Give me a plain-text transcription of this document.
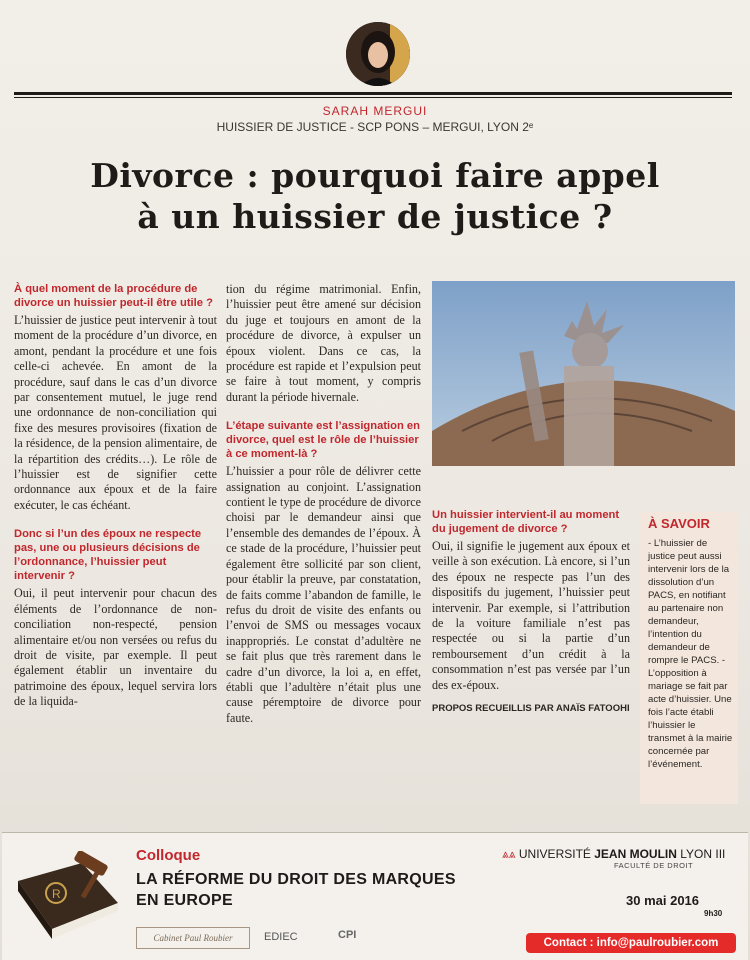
SARAH MERGUI
HUISSIER DE JUSTICE - SCP PONS – MERGUI, LYON 2ᵉ
Divorce : pourquoi faire appel
à un huissier de justice ?
À quel moment de la procédure de divorce un huissier peut-il être utile ?

L’huissier de justice peut intervenir à tout moment de la procédure d’un divorce, en amont, pendant la procédure et une fois celle-ci achevée. En amont de la procédure, sauf dans le cas d’un divorce par consentement mutuel, le juge rend une ordonnance de non-conciliation qui fixe des mesures provisoires (fixation de la résidence, de la pension alimentaire, de la répartition des crédits…). Le rôle de l’huissier est de signifier cette ordonnance aux époux et de la faire exécuter, le cas échéant.

Donc si l’un des époux ne respecte pas, une ou plusieurs décisions de l’ordonnance, l’huissier peut intervenir ?

Oui, il peut intervenir pour chacun des éléments de l’ordonnance de non-conciliation non-respecté, pension alimentaire et/ou non versées ou refus du droit de visite, par exemple. Il peut également établir un inventaire du patrimoine des époux, lequel servira lors de la liquida-

tion du régime matrimonial. Enfin, l’huissier peut être amené sur décision du juge et toujours en amont de la procédure de divorce, à expulser un époux violent. Dans ce cas, la procédure est rapide et l’expulsion peut se faire à tout moment, y compris durant la période hivernale.

L’étape suivante est l’assignation en divorce, quel est le rôle de l’huissier à ce moment-là ?

L’huissier a pour rôle de délivrer cette assignation au conjoint. L’assignation contient le type de procédure de divorce choisi par le demandeur ainsi que l’ensemble des demandes de l’époux. À ce stade de la procédure, l’huissier peut également être sollicité par son client, pour établir la preuve, par constatation, de faits comme l’abandon de famille, le refus du droit de visite des enfants ou l’envoi de SMS ou messages vocaux inappropriés. Le constat d’adultère ne se fait plus que très rarement dans le cadre d’un divorce, la loi a, en effet, établi que l’adultère n’était plus une cause péremptoire de divorce pour faute.

Un huissier intervient-il au moment du jugement de divorce ?

Oui, il signifie le jugement aux époux et veille à son exécution. Là encore, si l’un des époux ne respecte pas l’un des dispositifs du jugement, l’huissier peut intervenir. Par exemple, si l’attribution de la voiture familiale n’est pas respectée ou si la partie d’un remboursement d’un crédit à la consommation n’est pas versée par l’un des ex-époux.

PROPOS RECUEILLIS PAR ANAÏS FATOOHI
À SAVOIR
- L’huissier de justice peut aussi intervenir lors de la dissolution d’un PACS, en notifiant au partenaire non demandeur, l’intention du demandeur de rompre le PACS. - L’opposition à mariage se fait par acte d’huissier. Une fois l’acte établi l’huissier le transmet à la mairie concernée par l’événement.
R
Colloque
LA RÉFORME DU DROIT DES MARQUES
EN EUROPE
⩓⩓ UNIVERSITÉ JEAN MOULIN LYON III
FACULTÉ DE DROIT
30 mai 2016
9h30
Cabinet Paul Roubier	EDIEC	CPI
Contact : info@paulroubier.com
